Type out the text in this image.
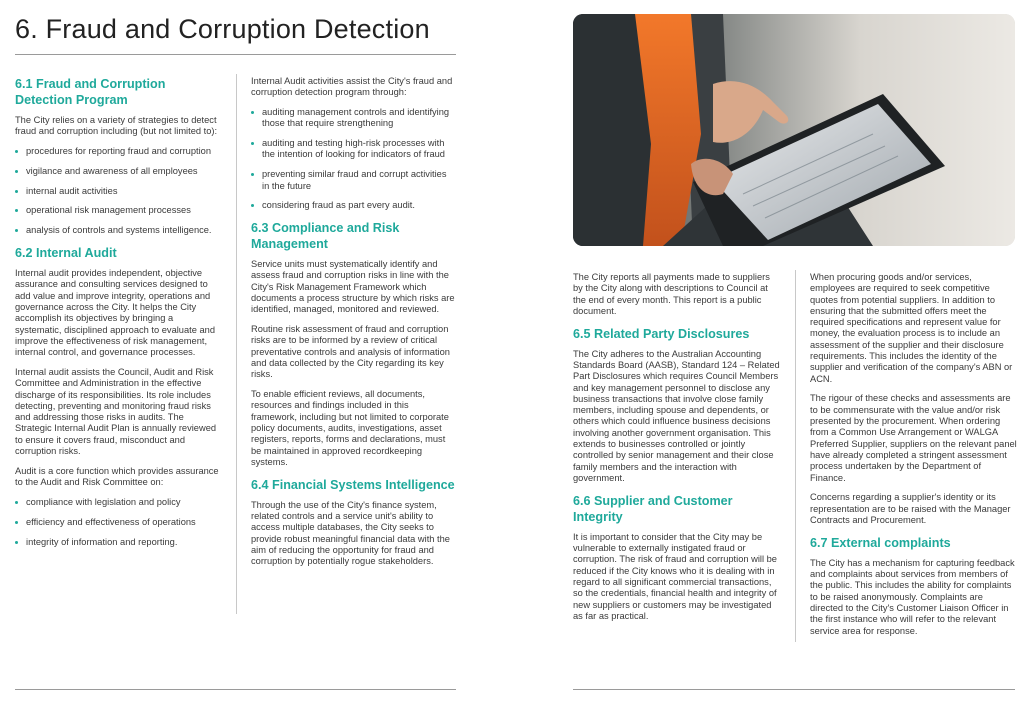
6. Fraud and Corruption Detection
6.1 Fraud and Corruption Detection Program

The City relies on a variety of strategies to detect fraud and corruption including (but not limited to):

procedures for reporting fraud and corruption
vigilance and awareness of all employees
internal audit activities
operational risk management processes
analysis of controls and systems intelligence.
6.2 Internal Audit

Internal audit provides independent, objective assurance and consulting services designed to add value and improve integrity, operations and governance across the City. It helps the City accomplish its objectives by bringing a systematic, disciplined approach to evaluate and improve the effectiveness of risk management, internal control, and governance processes.

Internal audit assists the Council, Audit and Risk Committee and Administration in the effective discharge of its responsibilities. Its role includes detecting, preventing and monitoring fraud risks and addressing those risks in audits. The Strategic Internal Audit Plan is annually reviewed to ensure it covers fraud, misconduct and corruption risks.

Audit is a core function which provides assurance to the Audit and Risk Committee on:

compliance with legislation and policy
efficiency and effectiveness of operations
integrity of information and reporting.

Internal Audit activities assist the City's fraud and corruption detection program through:

auditing management controls and identifying those that require strengthening
auditing and testing high-risk processes with the intention of looking for indicators of fraud
preventing similar fraud and corrupt activities in the future
considering fraud as part every audit.
6.3 Compliance and Risk Management

Service units must systematically identify and assess fraud and corruption risks in line with the City's Risk Management Framework which documents a process structure by which risks are identified, managed, monitored and reviewed.

Routine risk assessment of fraud and corruption risks are to be informed by a review of critical preventative controls and analysis of information and data collected by the City regarding its key risks.

To enable efficient reviews, all documents, resources and findings included in this framework, including but not limited to corporate policy documents, audits, investigations, asset registers, reports, forms and declarations, must be maintained in approved recordkeeping systems.

6.4 Financial Systems Intelligence

Through the use of the City's finance system, related controls and a service unit's ability to access multiple databases, the City seeks to provide robust meaningful financial data with the aim of reducing the opportunity for fraud and corruption by potentially rogue stakeholders.

The City reports all payments made to suppliers by the City along with descriptions to Council at the end of every month. This report is a public document.

6.5 Related Party Disclosures

The City adheres to the Australian Accounting Standards Board (AASB), Standard 124 – Related Part Disclosures which requires Council Members and key management personnel to disclose any business transactions that involve close family members, including spouse and dependents, or others which could influence business decisions involving another government organisation. This extends to businesses controlled or jointly controlled by senior management and their close family members and the interaction with government.

6.6 Supplier and Customer Integrity

It is important to consider that the City may be vulnerable to externally instigated fraud or corruption. The risk of fraud and corruption will be reduced if the City knows who it is dealing with in regard to all significant commercial transactions, so the credentials, financial health and integrity of new suppliers or customers may be investigated as far as practical.

When procuring goods and/or services, employees are required to seek competitive quotes from potential suppliers. In addition to ensuring that the submitted offers meet the required specifications and represent value for money, the evaluation process is to include an assessment of the supplier and their disclosure requirements. This includes the identity of the supplier and verification of the company's ABN or ACN.

The rigour of these checks and assessments are to be commensurate with the value and/or risk presented by the procurement. When ordering from a Common Use Arrangement or WALGA Preferred Supplier, suppliers on the relevant panel have already completed a stringent assessment process undertaken by the Department of Finance.

Concerns regarding a supplier's identity or its representation are to be raised with the Manager Contracts and Procurement.

6.7 External complaints

The City has a mechanism for capturing feedback and complaints about services from members of the public. This includes the ability for complaints to be raised anonymously. Complaints are directed to the City's Customer Liaison Officer in the first instance who will refer to the relevant service area for response.
